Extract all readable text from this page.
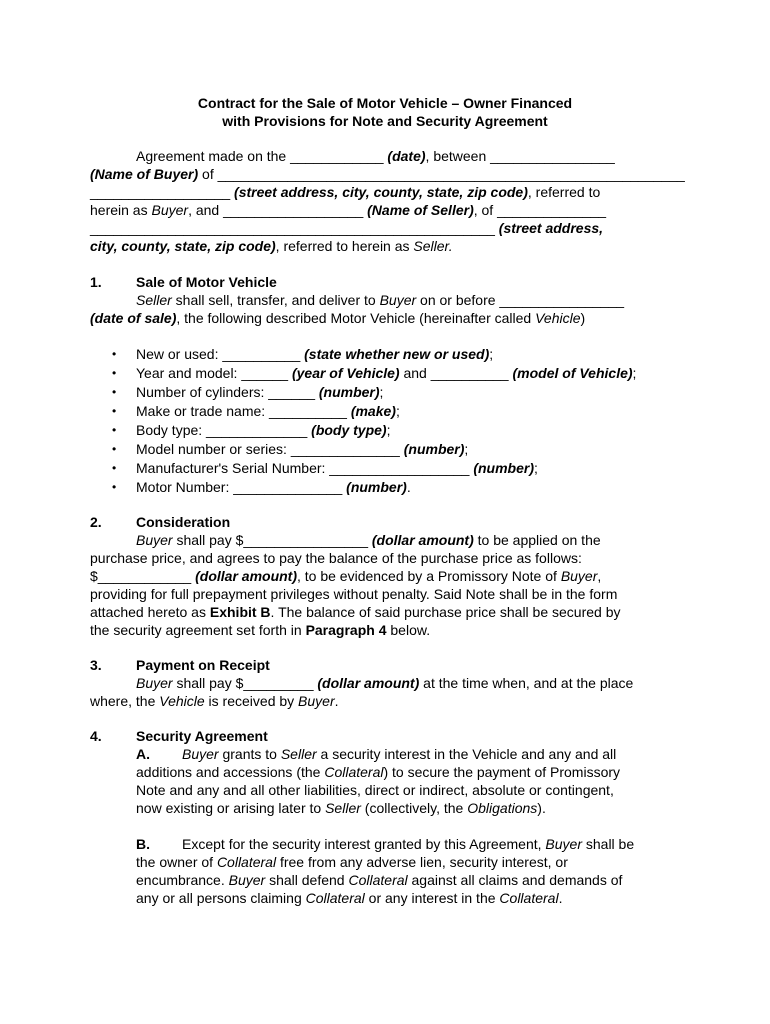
Contract for the Sale of Motor Vehicle – Owner Financed
with Provisions for Note and Security Agreement
Agreement made on the ____________ (date), between ________________
(Name of Buyer) of ____________________________________________________________
__________________ (street address, city, county, state, zip code), referred to
herein as Buyer, and __________________ (Name of Seller), of ______________
____________________________________________________ (street address,
city, county, state, zip code), referred to herein as Seller.
1. Sale of Motor Vehicle
Seller shall sell, transfer, and deliver to Buyer on or before ________________
(date of sale), the following described Motor Vehicle (hereinafter called Vehicle)
• New or used: __________ (state whether new or used);
• Year and model: ______ (year of Vehicle) and __________ (model of Vehicle);
• Number of cylinders: ______ (number);
• Make or trade name: __________ (make);
• Body type: _____________ (body type);
• Model number or series: ______________ (number);
• Manufacturer's Serial Number: __________________ (number);
• Motor Number: ______________ (number).
2. Consideration
Buyer shall pay $________________ (dollar amount) to be applied on the
purchase price, and agrees to pay the balance of the purchase price as follows:
$____________ (dollar amount), to be evidenced by a Promissory Note of Buyer,
providing for full prepayment privileges without penalty. Said Note shall be in the form
attached hereto as Exhibit B. The balance of said purchase price shall be secured by
the security agreement set forth in Paragraph 4 below.
3. Payment on Receipt
Buyer shall pay $_________ (dollar amount) at the time when, and at the place
where, the Vehicle is received by Buyer.
4. Security Agreement
A. Buyer grants to Seller a security interest in the Vehicle and any and all
additions and accessions (the Collateral) to secure the payment of Promissory
Note and any and all other liabilities, direct or indirect, absolute or contingent,
now existing or arising later to Seller (collectively, the Obligations).
B. Except for the security interest granted by this Agreement, Buyer shall be
the owner of Collateral free from any adverse lien, security interest, or
encumbrance. Buyer shall defend Collateral against all claims and demands of
any or all persons claiming Collateral or any interest in the Collateral.
